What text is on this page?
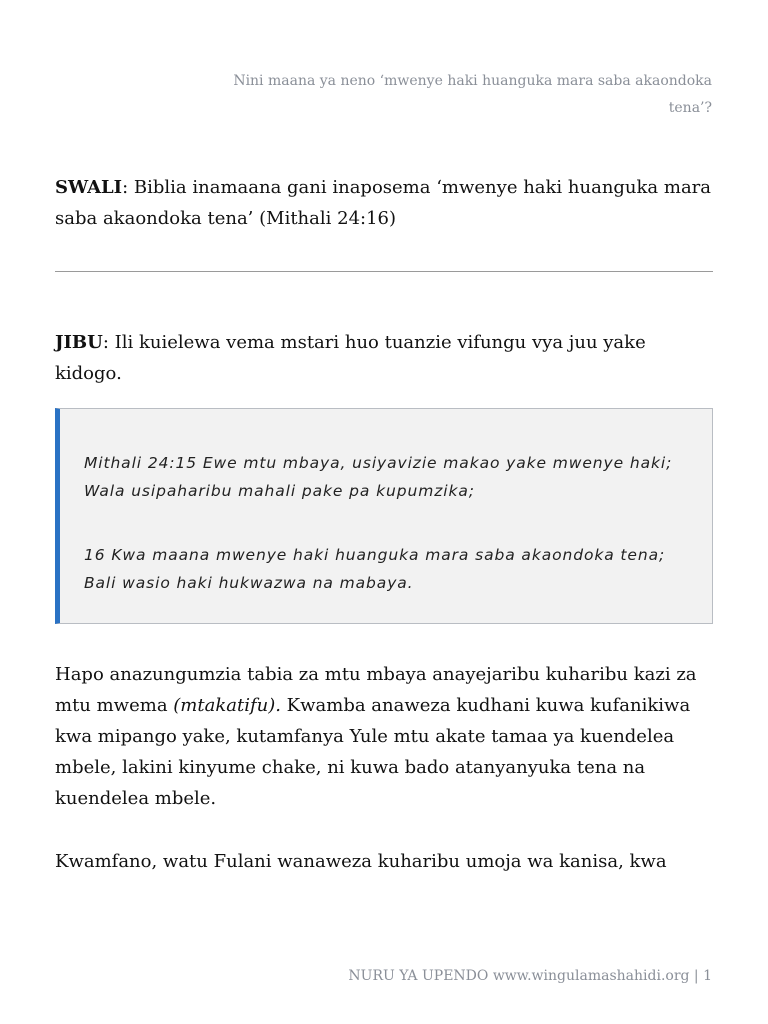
Nini maana ya neno ‘mwenye haki huanguka mara saba akaondoka tena’?

SWALI: Biblia inamaana gani inaposema ‘mwenye haki huanguka mara saba akaondoka tena’ (Mithali 24:16)

JIBU: Ili kuielewa vema mstari huo tuanzie vifungu vya juu yake kidogo.

Mithali 24:15 Ewe mtu mbaya, usiyavizie makao yake mwenye haki;
Wala usipaharibu mahali pake pa kupumzika;

16 Kwa maana mwenye haki huanguka mara saba akaondoka tena;
Bali wasio haki hukwazwa na mabaya.

Hapo anazungumzia tabia za mtu mbaya anayejaribu kuharibu kazi za mtu mwema (mtakatifu). Kwamba anaweza kudhani kuwa kufanikiwa kwa mipango yake, kutamfanya Yule mtu akate tamaa ya kuendelea mbele, lakini kinyume chake, ni kuwa bado atanyanyuka tena na kuendelea mbele.

Kwamfano, watu Fulani wanaweza kuharibu umoja wa kanisa, kwa

NURU YA UPENDO www.wingulamashahidi.org | 1
